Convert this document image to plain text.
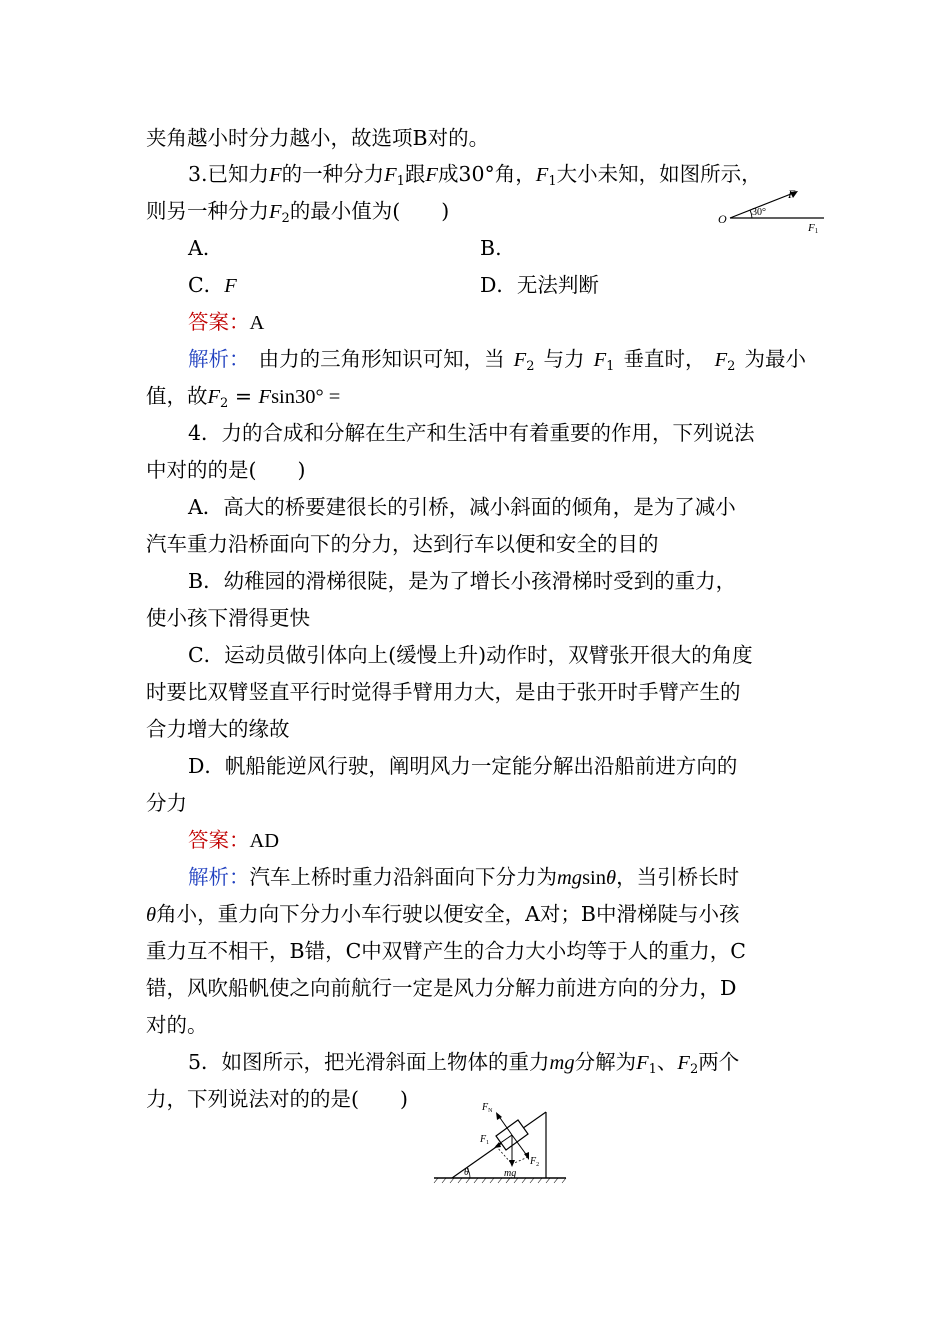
夹角越小时分力越小，故选项B对的。
3.已知力F的一种分力$F_1$跟F成30°角，$F_1$大小未知，如图所示，
则另一种分力$F_2$的最小值为(　　)	O
F
30°
F1
A.	B.
C．F	D．无法判断
答案：A
解析： 由力的三角形知识可知，当 $F_2$ 与力 $F_1$ 垂直时， $F_2$ 为最小
值，故$F_2 = Fsin30^\circ$ =
4．力的合成和分解在生产和生活中有着重要的作用，下列说法
中对的的是(　　)
A．高大的桥要建很长的引桥，减小斜面的倾角，是为了减小
汽车重力沿桥面向下的分力，达到行车以便和安全的目的
B．幼稚园的滑梯很陡，是为了增长小孩滑梯时受到的重力，
使小孩下滑得更快
C．运动员做引体向上(缓慢上升)动作时，双臂张开很大的角度
时要比双臂竖直平行时觉得手臂用力大，是由于张开时手臂产生的
合力增大的缘故
D．帆船能逆风行驶，阐明风力一定能分解出沿船前进方向的
分力
答案：AD
解析：汽车上桥时重力沿斜面向下分力为mgsinθ，当引桥长时
θ角小，重力向下分力小车行驶以便安全，A对；B中滑梯陡与小孩
重力互不相干，B错，C中双臂产生的合力大小均等于人的重力，C
错，风吹船帆使之向前航行一定是风力分解力前进方向的分力，D
对的。
5．如图所示，把光滑斜面上物体的重力mg分解为$F_1$、$F_2$两个
力，下列说法对的的是(　　)	$F_N$
$F_1$
$F_2$
mg
θ
